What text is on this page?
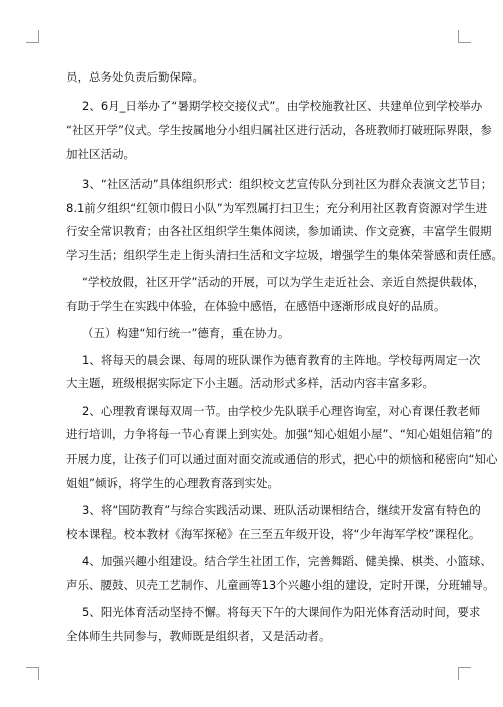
员，总务处负责后勤保障。
2、6月_日举办了“暑期学校交接仪式”。由学校施教社区、共建单位到学校举办
“社区开学”仪式。学生按属地分小组归属社区进行活动，各班教师打破班际界限，参
加社区活动。
3、“社区活动”具体组织形式：组织校文艺宣传队分到社区为群众表演文艺节目；
8.1前夕组织“红领巾假日小队”为军烈属打扫卫生；充分利用社区教育资源对学生进
行安全常识教育；由各社区组织学生集体阅读，参加诵读、作文竞赛，丰富学生假期
学习生活；组织学生走上街头清扫生活和文字垃圾，增强学生的集体荣誉感和责任感。
“学校放假，社区开学”活动的开展，可以为学生走近社会、亲近自然提供载体，
有助于学生在实践中体验，在体验中感悟，在感悟中逐渐形成良好的品质。
（五）构建“知行统一”德育，重在协力。
1、将每天的晨会课、每周的班队课作为德育教育的主阵地。学校每两周定一次
大主题，班级根据实际定下小主题。活动形式多样，活动内容丰富多彩。
2、心理教育课每双周一节。由学校少先队联手心理咨询室，对心育课任教老师
进行培训，力争将每一节心育课上到实处。加强“知心姐姐小屋”、“知心姐姐信箱”的
开展力度，让孩子们可以通过面对面交流或通信的形式，把心中的烦恼和秘密向“知心
姐姐”倾诉，将学生的心理教育落到实处。
3、将“国防教育”与综合实践活动课、班队活动课相结合，继续开发富有特色的
校本课程。校本教材《海军探秘》在三至五年级开设，将“少年海军学校”课程化。
4、加强兴趣小组建设。结合学生社团工作，完善舞蹈、健美操、棋类、小篮球、
声乐、腰鼓、贝壳工艺制作、儿童画等13个兴趣小组的建设，定时开课，分班辅导。
5、阳光体育活动坚持不懈。将每天下午的大课间作为阳光体育活动时间，要求
全体师生共同参与，教师既是组织者，又是活动者。
